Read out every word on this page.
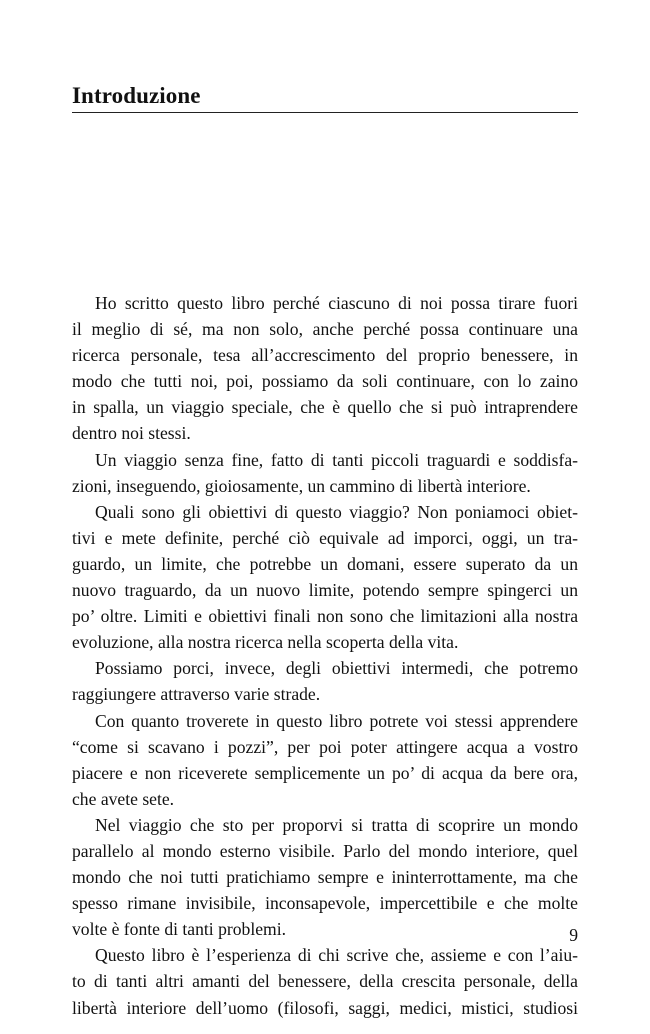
Introduzione
Ho scritto questo libro perché ciascuno di noi possa tirare fuori
il meglio di sé, ma non solo, anche perché possa continuare una
ricerca personale, tesa all’accrescimento del proprio benessere, in
modo che tutti noi, poi, possiamo da soli continuare, con lo zaino
in spalla, un viaggio speciale, che è quello che si può intraprendere
dentro noi stessi.
Un viaggio senza fine, fatto di tanti piccoli traguardi e soddisfa-
zioni, inseguendo, gioiosamente, un cammino di libertà interiore.
Quali sono gli obiettivi di questo viaggio? Non poniamoci obiet-
tivi e mete definite, perché ciò equivale ad imporci, oggi, un tra-
guardo, un limite, che potrebbe un domani, essere superato da un
nuovo traguardo, da un nuovo limite, potendo sempre spingerci un
po’ oltre. Limiti e obiettivi finali non sono che limitazioni alla nostra
evoluzione, alla nostra ricerca nella scoperta della vita.
Possiamo porci, invece, degli obiettivi intermedi, che potremo
raggiungere attraverso varie strade.
Con quanto troverete in questo libro potrete voi stessi apprendere
“come si scavano i pozzi”, per poi poter attingere acqua a vostro
piacere e non riceverete semplicemente un po’ di acqua da bere ora,
che avete sete.
Nel viaggio che sto per proporvi si tratta di scoprire un mondo
parallelo al mondo esterno visibile. Parlo del mondo interiore, quel
mondo che noi tutti pratichiamo sempre e ininterrottamente, ma che
spesso rimane invisibile, inconsapevole, impercettibile e che molte
volte è fonte di tanti problemi.
Questo libro è l’esperienza di chi scrive che, assieme e con l’aiu-
to di tanti altri amanti del benessere, della crescita personale, della
libertà interiore dell’uomo (filosofi, saggi, medici, mistici, studiosi
9
